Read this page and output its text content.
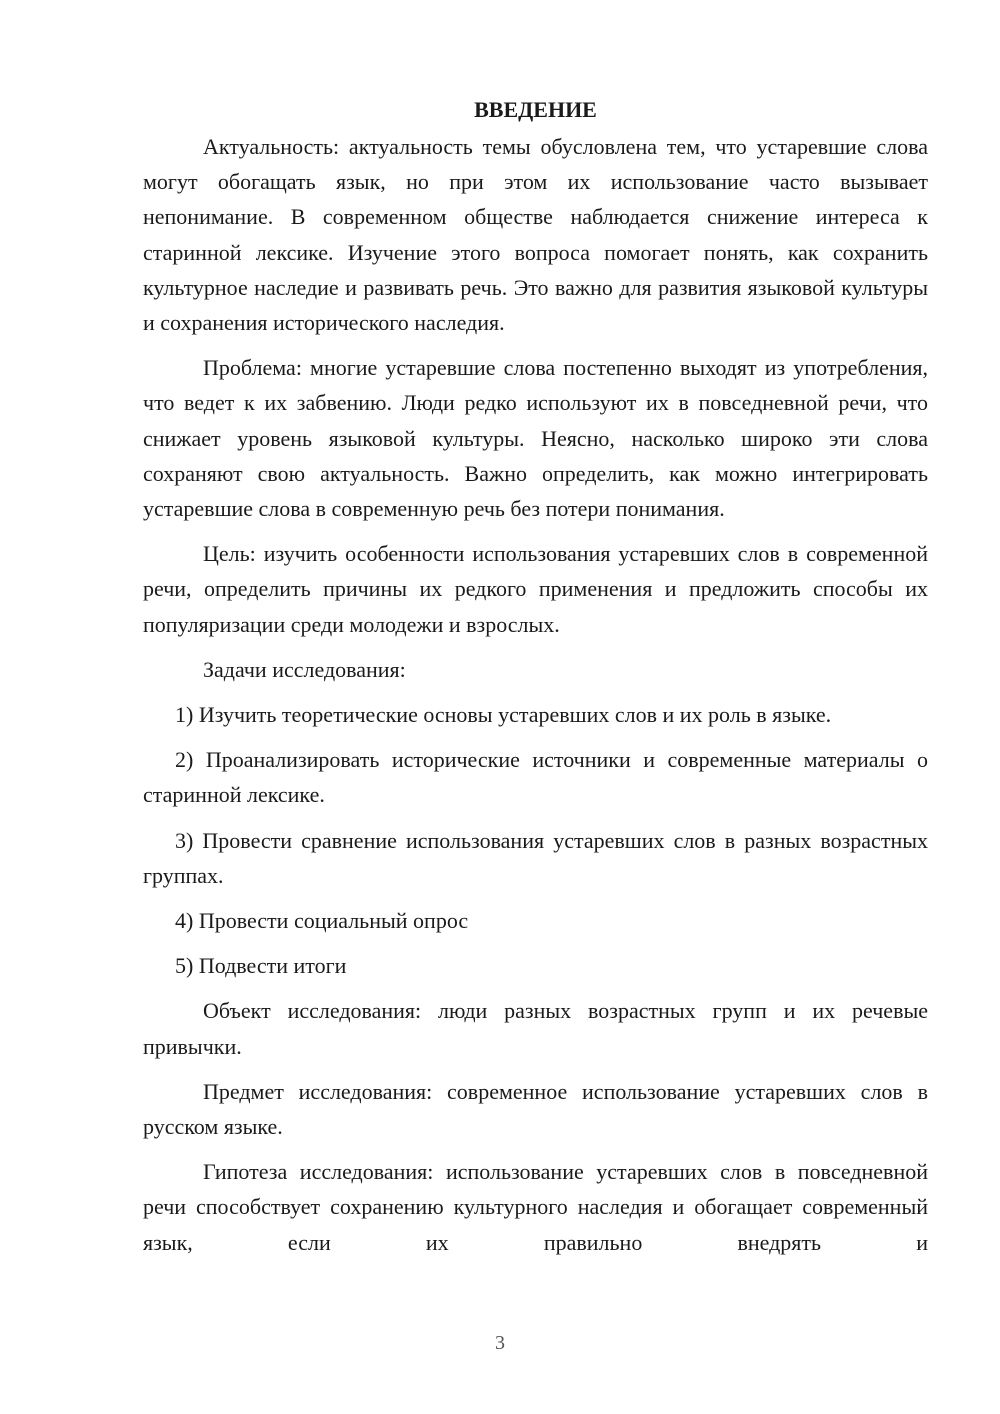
ВВЕДЕНИЕ

Актуальность: актуальность темы обусловлена тем, что устаревшие слова могут обогащать язык, но при этом их использование часто вызывает непонимание. В современном обществе наблюдается снижение интереса к старинной лексике. Изучение этого вопроса помогает понять, как сохранить культурное наследие и развивать речь. Это важно для развития языковой культуры и сохранения исторического наследия.

Проблема: многие устаревшие слова постепенно выходят из употребления, что ведет к их забвению. Люди редко используют их в повседневной речи, что снижает уровень языковой культуры. Неясно, насколько широко эти слова сохраняют свою актуальность. Важно определить, как можно интегрировать устаревшие слова в современную речь без потери понимания.

Цель: изучить особенности использования устаревших слов в современной речи, определить причины их редкого применения и предложить способы их популяризации среди молодежи и взрослых.

Задачи исследования:

1) Изучить теоретические основы устаревших слов и их роль в языке.

2) Проанализировать исторические источники и современные материалы о старинной лексике.

3) Провести сравнение использования устаревших слов в разных возрастных группах.

4) Провести социальный опрос

5) Подвести итоги

Объект исследования: люди разных возрастных групп и их речевые привычки.

Предмет исследования: современное использование устаревших слов в русском языке.

Гипотеза исследования: использование устаревших слов в повседневной речи способствует сохранению культурного наследия и обогащает современный язык, если их правильно внедрять и

3
